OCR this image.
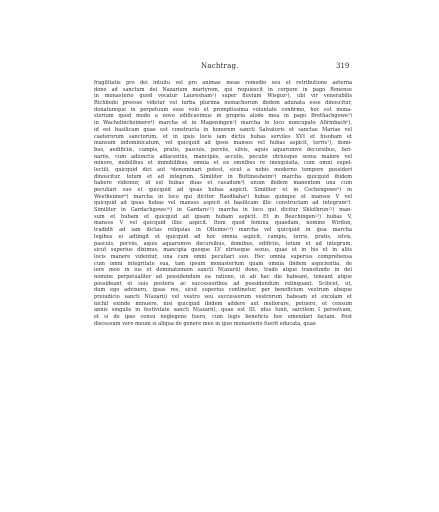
Nachtrag.	319
fragilitatis pro dei intuitu vel pro animae meae remedio seu et retributione aeterna
dono ad sanctum dei Nazarium martyrem, qui requiescit in corpore in pago Renense
in monasterio quod vocatur Lauresham¹) super fluvium Wisgoz²), ubi vir venerabilis
Richbodo preesse videtur vel turba plurima monachorum ibidem adunata esse dinoscitur,
donatumque in perpetuum esse volo et promptissima voluntate confirmo, hoc est mona-
sterium quod modo a novo edificavimus in propria alode mea in pago Brethachgowe³)
in Wachelincheimere⁴) marcha et in Mageningen⁵) marcha in loco nuncupato Allrinbach⁶),
id est basilicam quae est constructa in honorem sancti Salvatoris et sanctae Mariae vel
caeterorum sanctorum, et in ipsis locis iam dictis hubas serviles XVI et hisobam et
mansum indominicatum, vel quicquid ad ipsos mansos vel hubas aspicit, terris⁷), domi-
bus, aedificiis, campis, pratis, pascuis, perviis, silvis, aquis aquarumve decursibus, fari-
nariis, cum adiunctis adiacentiis, mancipiis, accolis, peculio utriusque sexus maiore vel
minore, mobilibus et inmobilibus, omnia et ex omnibus re inexquisita, cum omni supel-
lectili, quicquid dici aut ⁸denominari potest, sicut a nobis moderno tempore possideri
dinoscitur, totum et ad integrum. Similiter in Buttinesheim⁹) marcha quicquid ibidem
habere videmur, id est hubas duas et casadum⁹) unum ibidem manentem una cum
peculiari suo et quicquid ad ipsas hubas aspicit. Similiter et in Cochengowe⁹) in
Westheimer⁹) marcha in loco qui dicitur Raodhaha⁹) hubas quinque et mansos V vel
quicquid ad ipsas hubas vel mansos aspicit et basilicam illic constructam ad integrum⁹).
Similiter in Gardachgowe¹⁰) in Gardaro¹¹) marcha in loco qui dicitur Shlotbrun¹²) man-
sum et hubam et quicquid ad ipsam hubam aspicit. Et in Beechingen¹³) hubas V,
mansos V vel quicquid illuc aspicit. Item quod femina quaedam, nomine Wirdun,
tradidit ad iam dictas reliquias in Otleimo¹⁴) marcha vel quicquid in ipsa marcha
legibus ei adtingit et quicquid ad hoc omnia aspicit, campis, terris, pratis, silvis,
pascuis, perviis, aquis aquarumve decursibus, domibus, edificiis, totum et ad integrum,
sicut superius diximus, mancipia quoque LV utriusque sexus, quae et in his et in aliis
locis manere videntur, una cum omni peculiari suo. Hec omnia superius comprehensa
cum omni integritate sua, tam ipsum monasterium quam omnia ibidem aspicientia, de
iure meo in ius et dominationem sancti N(azarii) dono, trado atque transfundo in dei
nomine perpetualiter ad possidendum ea ratione, ut ab hac die habeant, teneant atque
possideant et suis posteris ac successoribus ad possidendum relinquant. Scilicet, ut,
dum ego advixero, ipsas res, sicut superius continetur, per beneficium vestrum absque
preiudicio sancti N(azarii) vel vestro seu successorum vestrorum habeam et excolam et
nichil exinde minuere, nisi quicquid ibidem addere aut meliorare, potuero, et censum
annis singulis in festivitate sancti N(azarii), quae est III. idus Iunii, sarcilem I persolvam,
et si de ipso censu neglegens fuero, cum legis beneficio hoc emendari faciam. Post
discessum vero meum si aliqua de genere meo in ipso monasterio fuerit educata, quae
